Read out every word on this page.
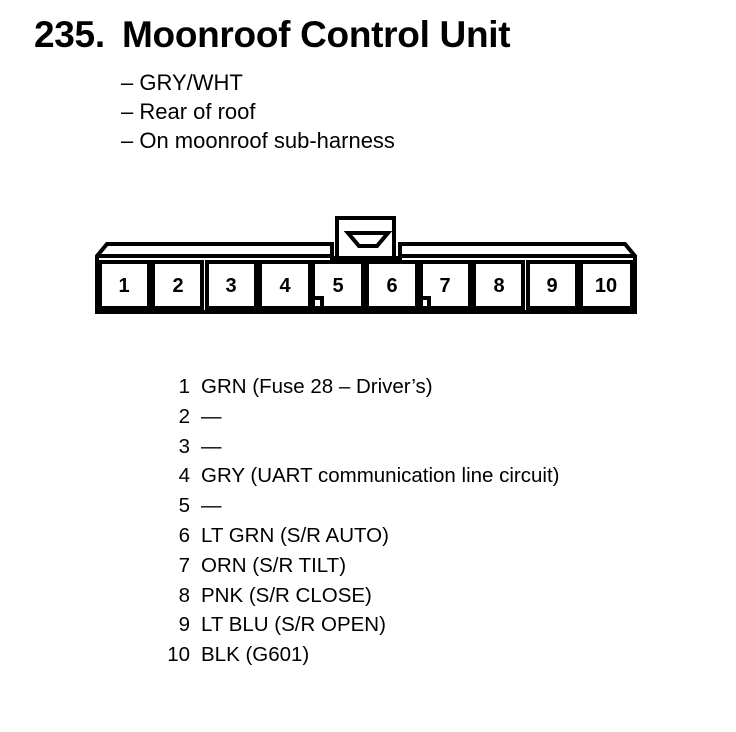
235. Moonroof Control Unit
– GRY/WHT
– Rear of roof
– On moonroof sub-harness
1 2 3 4 5 6 7 8 9 10
1 GRN (Fuse 28 – Driver’s)
2 —
3 —
4 GRY (UART communication line circuit)
5 —
6 LT GRN (S/R AUTO)
7 ORN (S/R TILT)
8 PNK (S/R CLOSE)
9 LT BLU (S/R OPEN)
10 BLK (G601)
